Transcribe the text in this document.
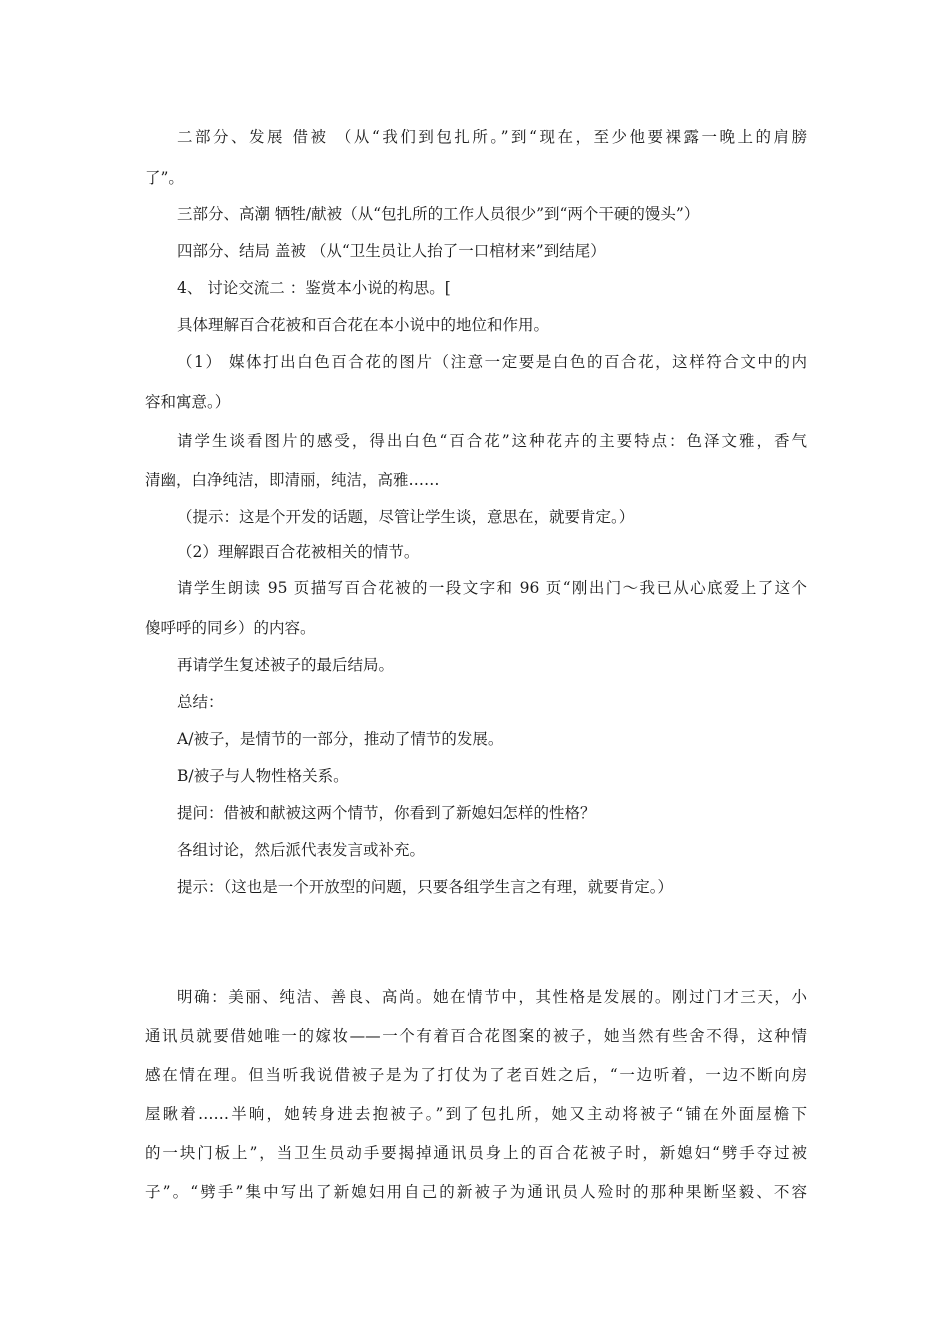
二部分、发展 借被 （从“我们到包扎所。”到“现在，至少他要裸露一晚上的肩膀

了”。

三部分、高潮 牺牲/献被（从“包扎所的工作人员很少”到“两个干硬的馒头”）

四部分、结局 盖被 （从“卫生员让人抬了一口棺材来”到结尾）

4、 讨论交流二 ：鉴赏本小说的构思。[

具体理解百合花被和百合花在本小说中的地位和作用。

（1） 媒体打出白色百合花的图片（注意一定要是白色的百合花，这样符合文中的内

容和寓意。）

请学生谈看图片的感受，得出白色“百合花”这种花卉的主要特点：色泽文雅，香气

清幽，白净纯洁，即清丽，纯洁，高雅……

（提示：这是个开发的话题，尽管让学生谈，意思在，就要肯定。）

（2）理解跟百合花被相关的情节。

请学生朗读 95 页描写百合花被的一段文字和 96 页“刚出门～我已从心底爱上了这个

傻呼呼的同乡）的内容。

再请学生复述被子的最后结局。

总结：

A/被子，是情节的一部分，推动了情节的发展。

B/被子与人物性格关系。

提问：借被和献被这两个情节，你看到了新媳妇怎样的性格？

各组讨论，然后派代表发言或补充。

提示：（这也是一个开放型的问题，只要各组学生言之有理，就要肯定。）

明确：美丽、纯洁、善良、高尚。她在情节中，其性格是发展的。刚过门才三天，小

通讯员就要借她唯一的嫁妆——一个有着百合花图案的被子，她当然有些舍不得，这种情

感在情在理。但当听我说借被子是为了打仗为了老百姓之后，“一边听着，一边不断向房

屋瞅着……半晌，她转身进去抱被子。”到了包扎所，她又主动将被子“铺在外面屋檐下

的一块门板上”，当卫生员动手要揭掉通讯员身上的百合花被子时，新媳妇“劈手夺过被

子”。“劈手”集中写出了新媳妇用自己的新被子为通讯员人殓时的那种果断坚毅、不容
